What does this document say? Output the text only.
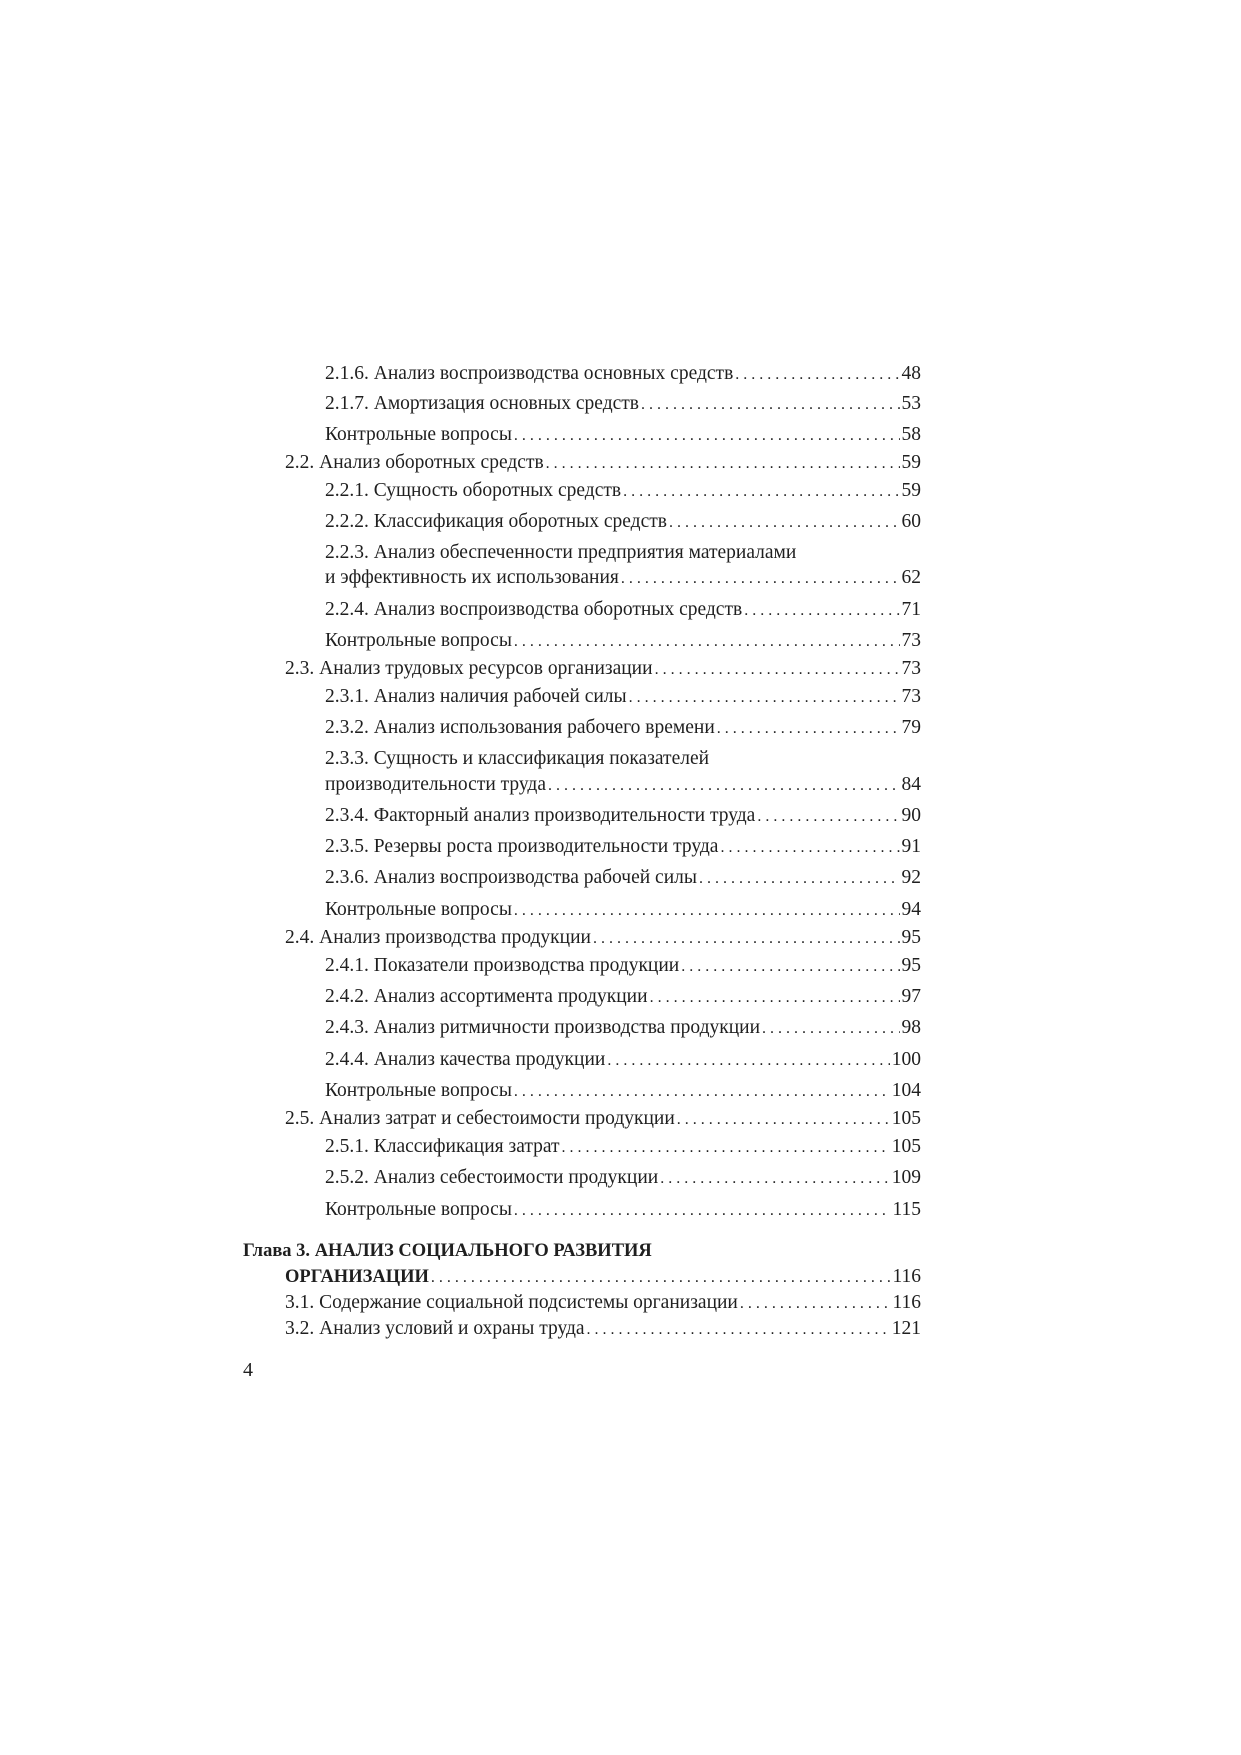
2.1.6. Анализ воспроизводства основных средств . . .	48
2.1.7. Амортизация основных средств . . .	53
Контрольные вопросы . . .	58
2.2. Анализ оборотных средств . . .	59
2.2.1. Сущность оборотных средств . . .	59
2.2.2. Классификация оборотных средств . . .	60
2.2.3. Анализ обеспеченности предприятия материалами
и эффективность их использования . . .	62
2.2.4. Анализ воспроизводства оборотных средств . . .	71
Контрольные вопросы . . .	73
2.3. Анализ трудовых ресурсов организации . . .	73
2.3.1. Анализ наличия рабочей силы . . .	73
2.3.2. Анализ использования рабочего времени . . .	79
2.3.3. Сущность и классификация показателей
производительности труда . . .	84
2.3.4. Факторный анализ производительности труда . . .	90
2.3.5. Резервы роста производительности труда . . .	91
2.3.6. Анализ воспроизводства рабочей силы . . .	92
Контрольные вопросы . . .	94
2.4. Анализ производства продукции . . .	95
2.4.1. Показатели производства продукции . . .	95
2.4.2. Анализ ассортимента продукции . . .	97
2.4.3. Анализ ритмичности производства продукции . . .	98
2.4.4. Анализ качества продукции . . .	100
Контрольные вопросы . . .	104
2.5. Анализ затрат и себестоимости продукции . . .	105
2.5.1. Классификация затрат . . .	105
2.5.2. Анализ себестоимости продукции . . .	109
Контрольные вопросы . . .	115
Глава 3. АНАЛИЗ СОЦИАЛЬНОГО РАЗВИТИЯ
ОРГАНИЗАЦИИ . . .	116
3.1. Содержание социальной подсистемы организации . . .	116
3.2. Анализ условий и охраны труда . . .	121
4
